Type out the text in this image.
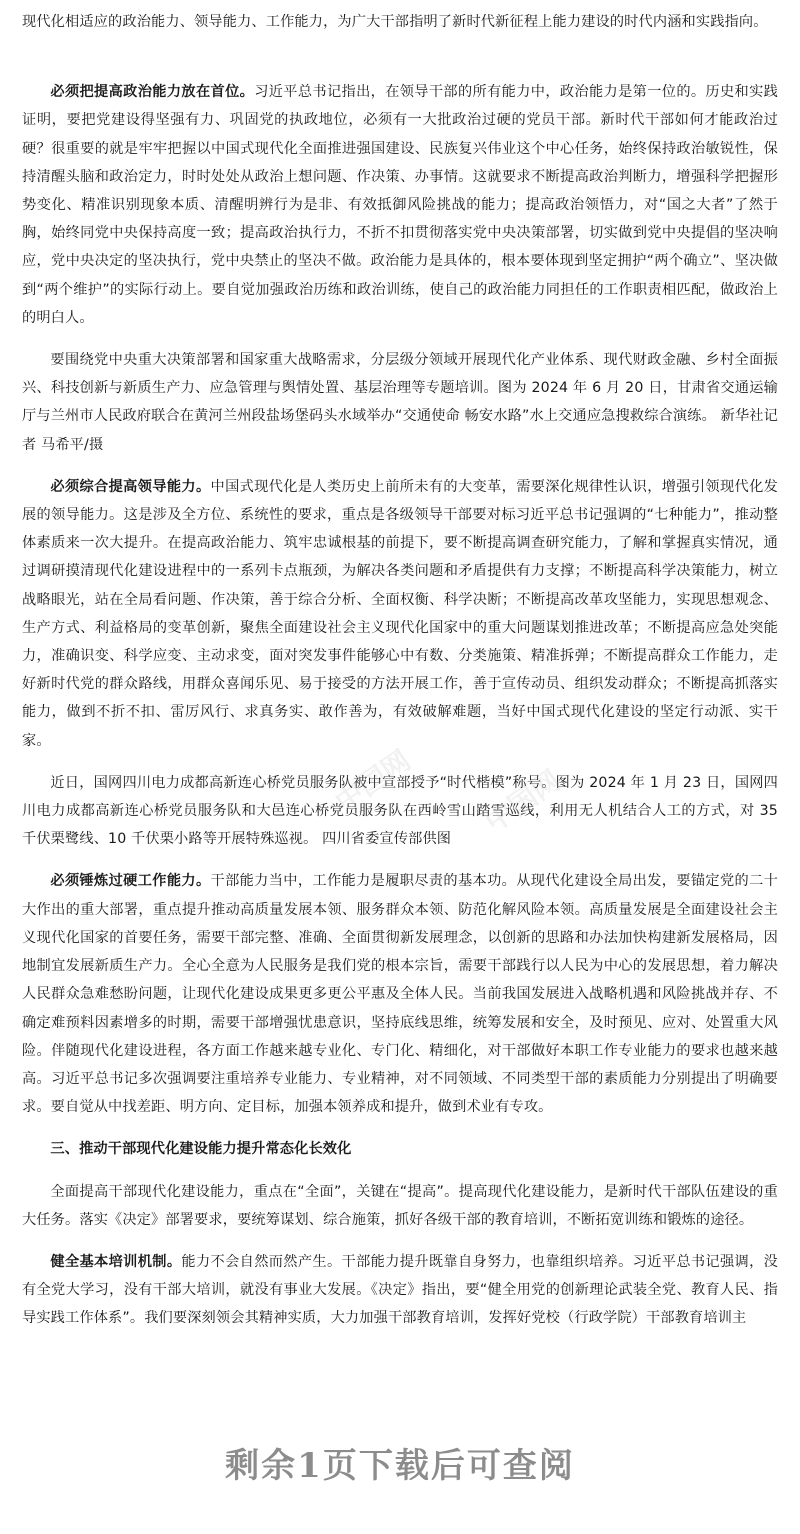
现代化相适应的政治能力、领导能力、工作能力，为广大干部指明了新时代新征程上能力建设的时代内涵和实践指向。

必须把提高政治能力放在首位。习近平总书记指出，在领导干部的所有能力中，政治能力是第一位的。历史和实践证明，要把党建设得坚强有力、巩固党的执政地位，必须有一大批政治过硬的党员干部。新时代干部如何才能政治过硬？很重要的就是牢牢把握以中国式现代化全面推进强国建设、民族复兴伟业这个中心任务，始终保持政治敏锐性，保持清醒头脑和政治定力，时时处处从政治上想问题、作决策、办事情。这就要求不断提高政治判断力，增强科学把握形势变化、精准识别现象本质、清醒明辨行为是非、有效抵御风险挑战的能力；提高政治领悟力，对“国之大者”了然于胸，始终同党中央保持高度一致；提高政治执行力，不折不扣贯彻落实党中央决策部署，切实做到党中央提倡的坚决响应，党中央决定的坚决执行，党中央禁止的坚决不做。政治能力是具体的，根本要体现到坚定拥护“两个确立”、坚决做到“两个维护”的实际行动上。要自觉加强政治历练和政治训练，使自己的政治能力同担任的工作职责相匹配，做政治上的明白人。

要围绕党中央重大决策部署和国家重大战略需求，分层级分领域开展现代化产业体系、现代财政金融、乡村全面振兴、科技创新与新质生产力、应急管理与舆情处置、基层治理等专题培训。图为 2024 年 6 月 20 日，甘肃省交通运输厅与兰州市人民政府联合在黄河兰州段盐场堡码头水域举办“交通使命 畅安水路”水上交通应急搜救综合演练。 新华社记者 马希平/摄

必须综合提高领导能力。中国式现代化是人类历史上前所未有的大变革，需要深化规律性认识，增强引领现代化发展的领导能力。这是涉及全方位、系统性的要求，重点是各级领导干部要对标习近平总书记强调的“七种能力”，推动整体素质来一次大提升。在提高政治能力、筑牢忠诚根基的前提下，要不断提高调查研究能力，了解和掌握真实情况，通过调研摸清现代化建设进程中的一系列卡点瓶颈，为解决各类问题和矛盾提供有力支撑；不断提高科学决策能力，树立战略眼光，站在全局看问题、作决策，善于综合分析、全面权衡、科学决断；不断提高改革攻坚能力，实现思想观念、生产方式、利益格局的变革创新，聚焦全面建设社会主义现代化国家中的重大问题谋划推进改革；不断提高应急处突能力，准确识变、科学应变、主动求变，面对突发事件能够心中有数、分类施策、精准拆弹；不断提高群众工作能力，走好新时代党的群众路线，用群众喜闻乐见、易于接受的方法开展工作，善于宣传动员、组织发动群众；不断提高抓落实能力，做到不折不扣、雷厉风行、求真务实、敢作善为，有效破解难题，当好中国式现代化建设的坚定行动派、实干家。

近日，国网四川电力成都高新连心桥党员服务队被中宣部授予“时代楷模”称号。图为 2024 年 1 月 23 日，国网四川电力成都高新连心桥党员服务队和大邑连心桥党员服务队在西岭雪山踏雪巡线，利用无人机结合人工的方式，对 35 千伏栗鹭线、10 千伏栗小路等开展特殊巡视。 四川省委宣传部供图

必须锤炼过硬工作能力。干部能力当中，工作能力是履职尽责的基本功。从现代化建设全局出发，要锚定党的二十大作出的重大部署，重点提升推动高质量发展本领、服务群众本领、防范化解风险本领。高质量发展是全面建设社会主义现代化国家的首要任务，需要干部完整、准确、全面贯彻新发展理念，以创新的思路和办法加快构建新发展格局，因地制宜发展新质生产力。全心全意为人民服务是我们党的根本宗旨，需要干部践行以人民为中心的发展思想，着力解决人民群众急难愁盼问题，让现代化建设成果更多更公平惠及全体人民。当前我国发展进入战略机遇和风险挑战并存、不确定难预料因素增多的时期，需要干部增强忧患意识，坚持底线思维，统筹发展和安全，及时预见、应对、处置重大风险。伴随现代化建设进程，各方面工作越来越专业化、专门化、精细化，对干部做好本职工作专业能力的要求也越来越高。习近平总书记多次强调要注重培养专业能力、专业精神，对不同领域、不同类型干部的素质能力分别提出了明确要求。要自觉从中找差距、明方向、定目标，加强本领养成和提升，做到术业有专攻。

三、推动干部现代化建设能力提升常态化长效化

全面提高干部现代化建设能力，重点在“全面”，关键在“提高”。提高现代化建设能力，是新时代干部队伍建设的重大任务。落实《决定》部署要求，要统筹谋划、综合施策，抓好各级干部的教育培训，不断拓宽训练和锻炼的途径。

健全基本培训机制。能力不会自然而然产生。干部能力提升既靠自身努力，也靠组织培养。习近平总书记强调，没有全党大学习，没有干部大培训，就没有事业大发展。《决定》指出，要“健全用党的创新理论武装全党、教育人民、指导实践工作体系”。我们要深刻领会其精神实质，大力加强干部教育培训，发挥好党校（行政学院）干部教育培训主

中国网 中国网
剩余1页下载后可查阅
